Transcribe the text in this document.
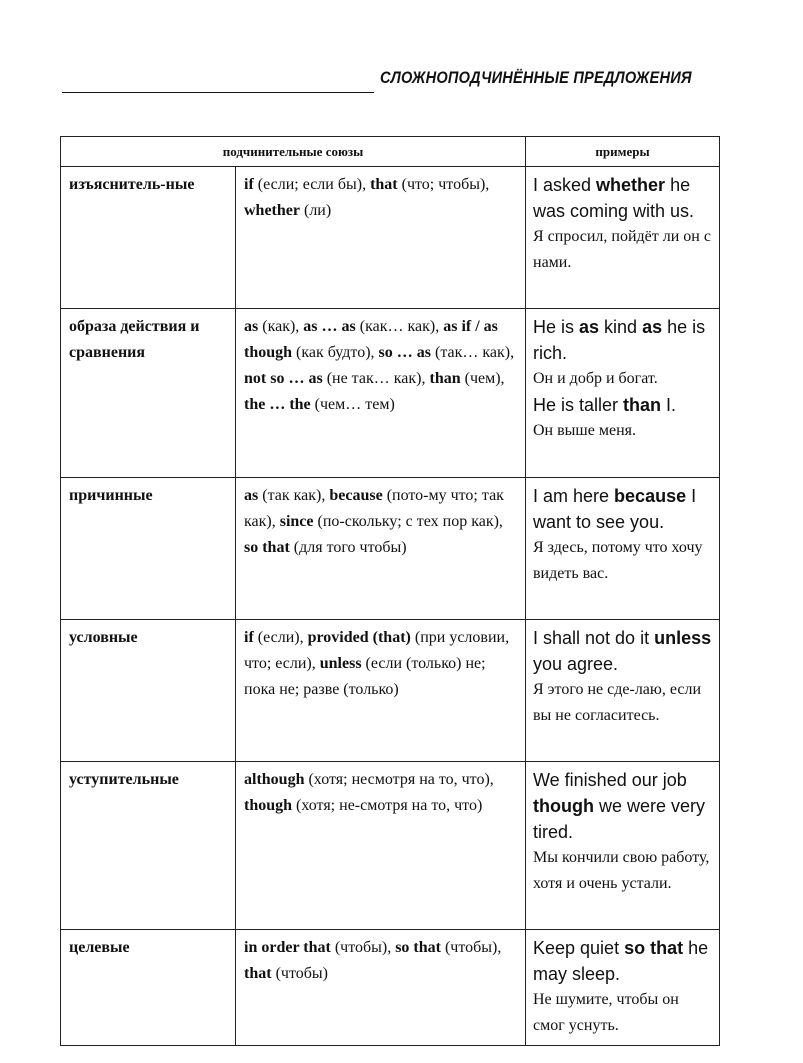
СЛОЖНОПОДЧИНЁННЫЕ ПРЕДЛОЖЕНИЯ
подчинительные союзы		примеры
изъяснитель-ные	if (если; если бы), that (что; чтобы), whether (ли)	I asked whether he was coming with us.
Я спросил, пойдёт ли он с нами.

образа действия и сравнения	as (как), as … as (как… как), as if / as though (как будто), so … as (так… как), not so … as (не так… как), than (чем), the … the (чем… тем)	He is as kind as he is rich.
Он и добр и богат.
He is taller than I.
Он выше меня.

причинные	as (так как), because (пото-му что; так как), since (по-скольку; с тех пор как), so that (для того чтобы)	I am here because I want to see you.
Я здесь, потому что хочу видеть вас.

условные	if (если), provided (that) (при условии, что; если), unless (если (только) не; пока не; разве (только)	I shall not do it unless you agree.
Я этого не сде-лаю, если вы не согласитесь.

уступительные	although (хотя; несмотря на то, что), though (хотя; не-смотря на то, что)	We finished our job though we were very tired.
Мы кончили свою работу, хотя и очень устали.

целевые	in order that (чтобы), so that (чтобы), that (чтобы)	Keep quiet so that he may sleep.
Не шумите, чтобы он смог уснуть.
